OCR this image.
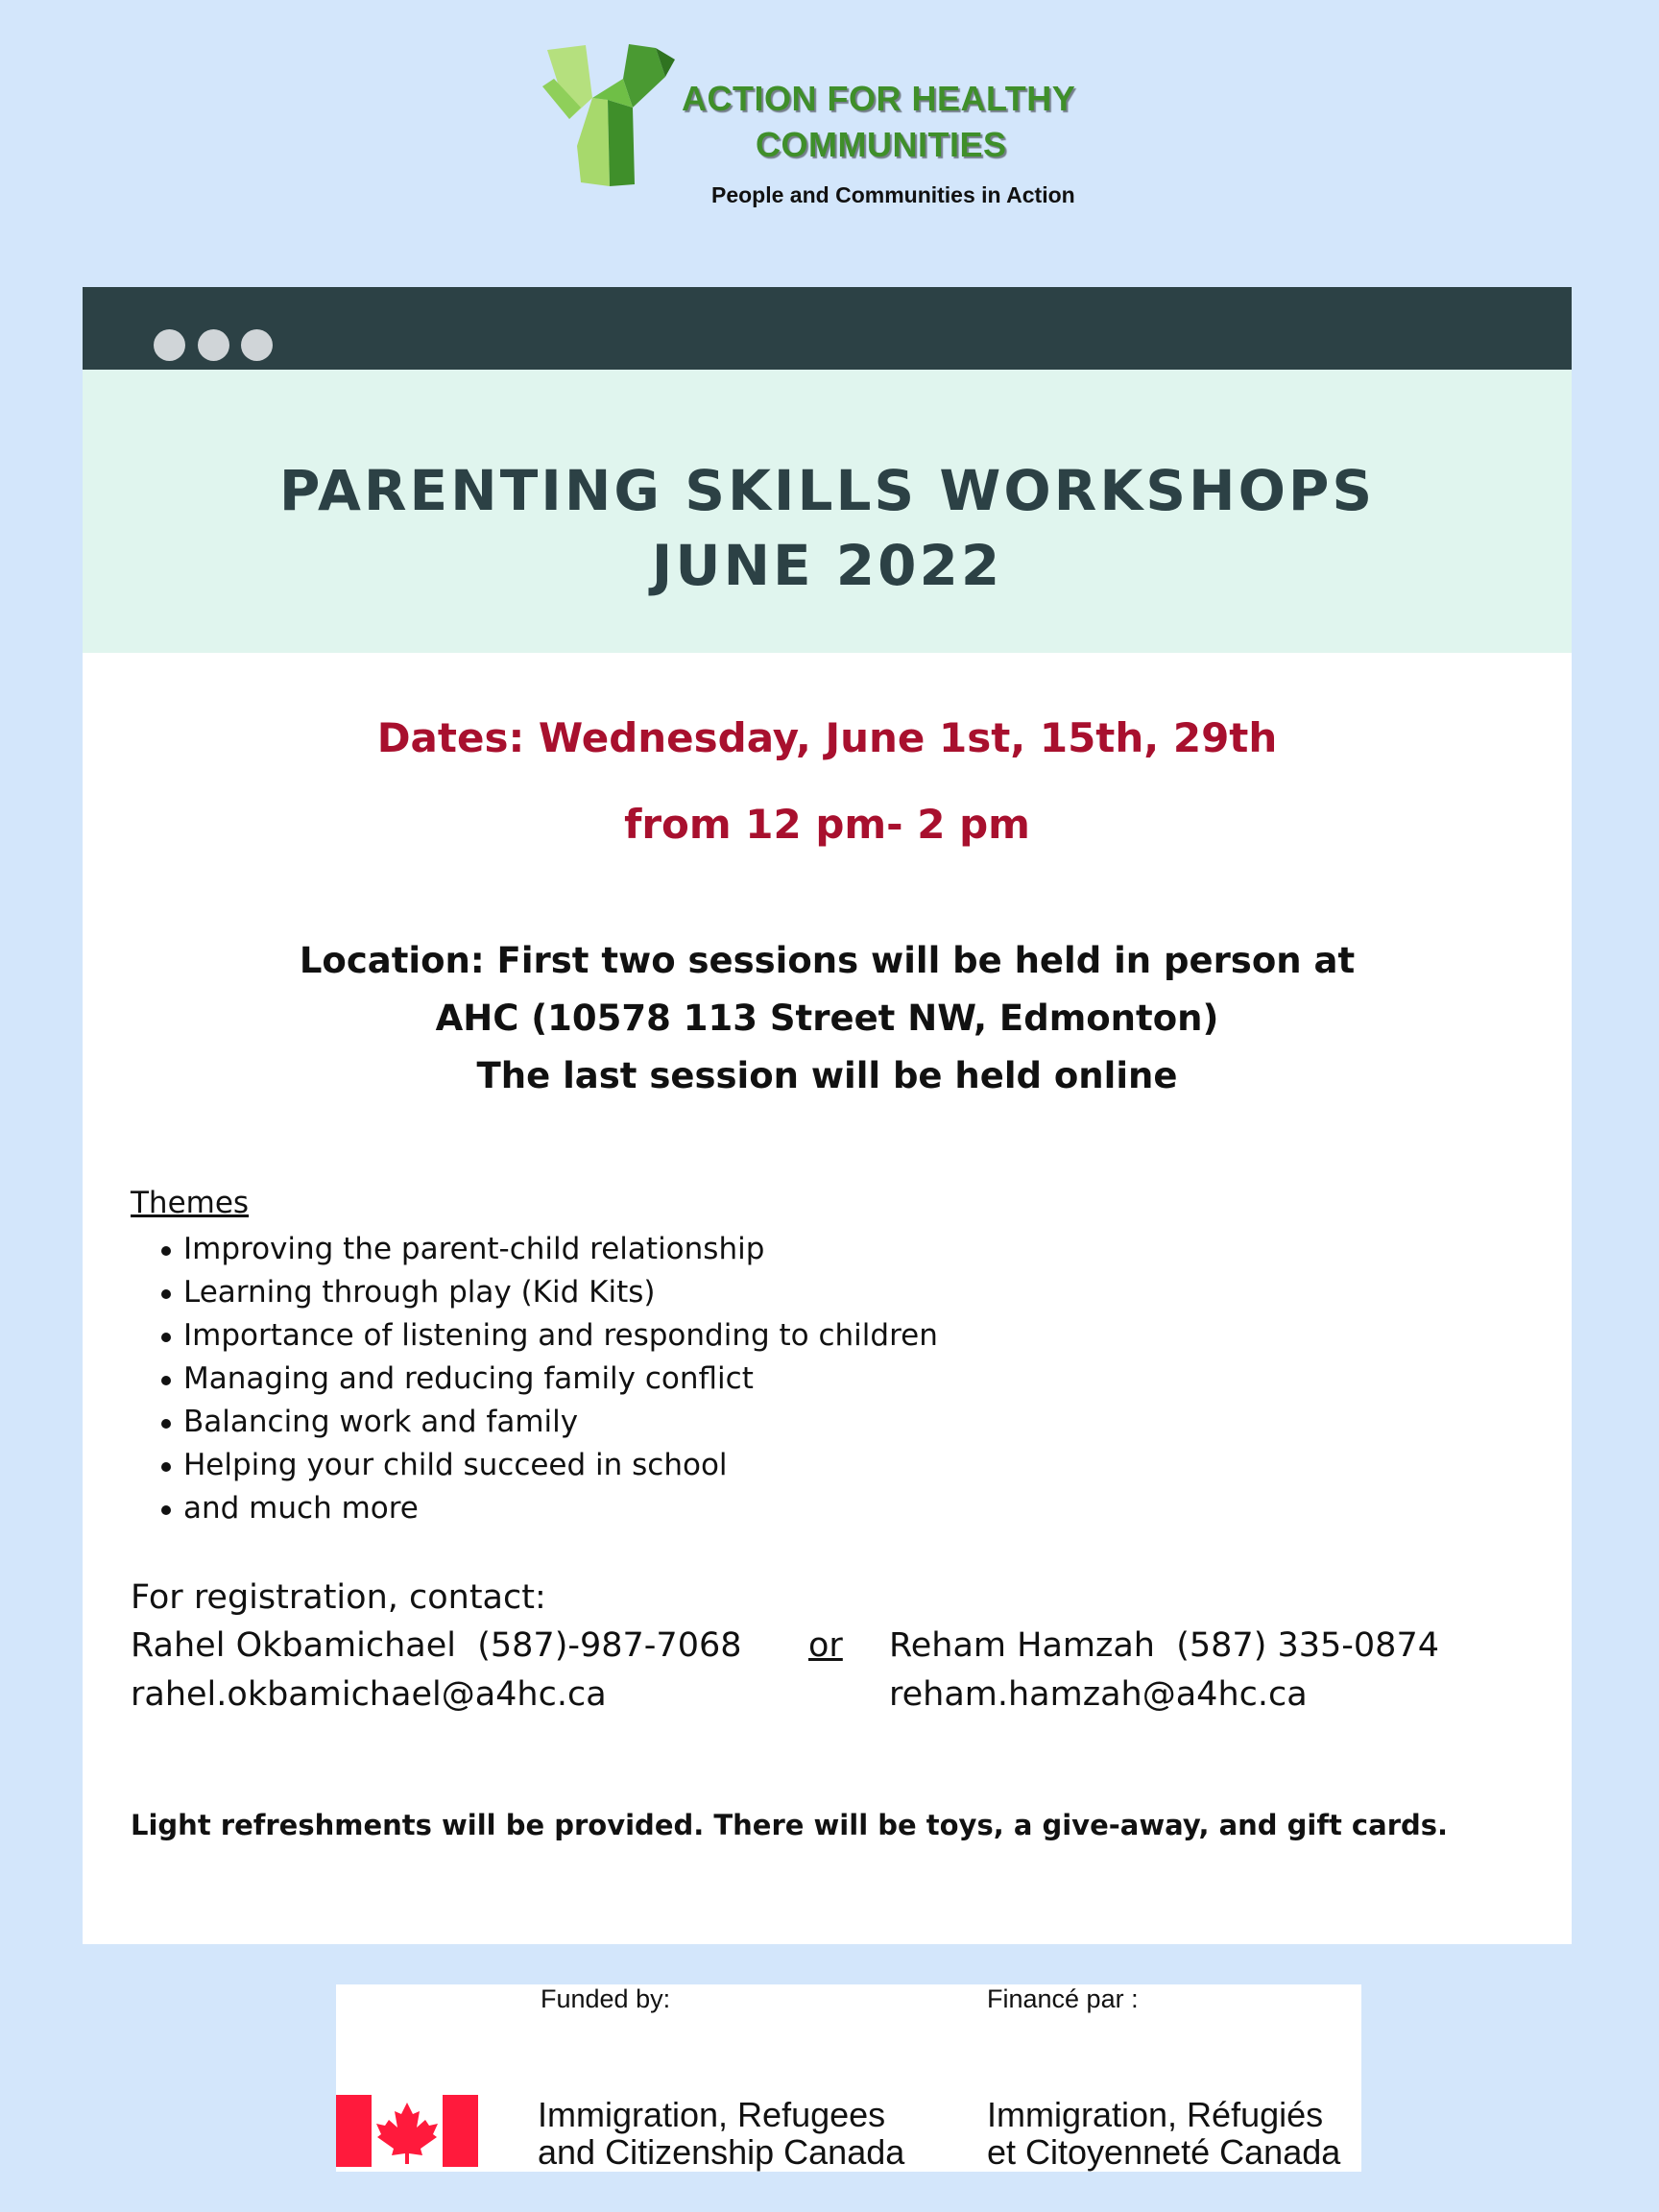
ACTION FOR HEALTHY
COMMUNITIES
People and Communities in Action
PARENTING SKILLS WORKSHOPS
JUNE 2022
Dates: Wednesday, June 1st, 15th, 29th
from 12 pm- 2 pm
Location: First two sessions will be held in person at
AHC (10578 113 Street NW, Edmonton)
The last session will be held online
Themes
Improving the parent-child relationship
Learning through play (Kid Kits)
Importance of listening and responding to children
Managing and reducing family conflict
Balancing work and family
Helping your child succeed in school
and much more
For registration, contact:
Rahel Okbamichael  (587)-987-7068 or Reham Hamzah  (587) 335-0874
rahel.okbamichael@a4hc.ca	reham.hamzah@a4hc.ca
Light refreshments will be provided. There will be toys, a give-away, and gift cards.
Funded by:	Financé par :
Immigration, Refugees
and Citizenship Canada
Immigration, Réfugiés
et Citoyenneté Canada
